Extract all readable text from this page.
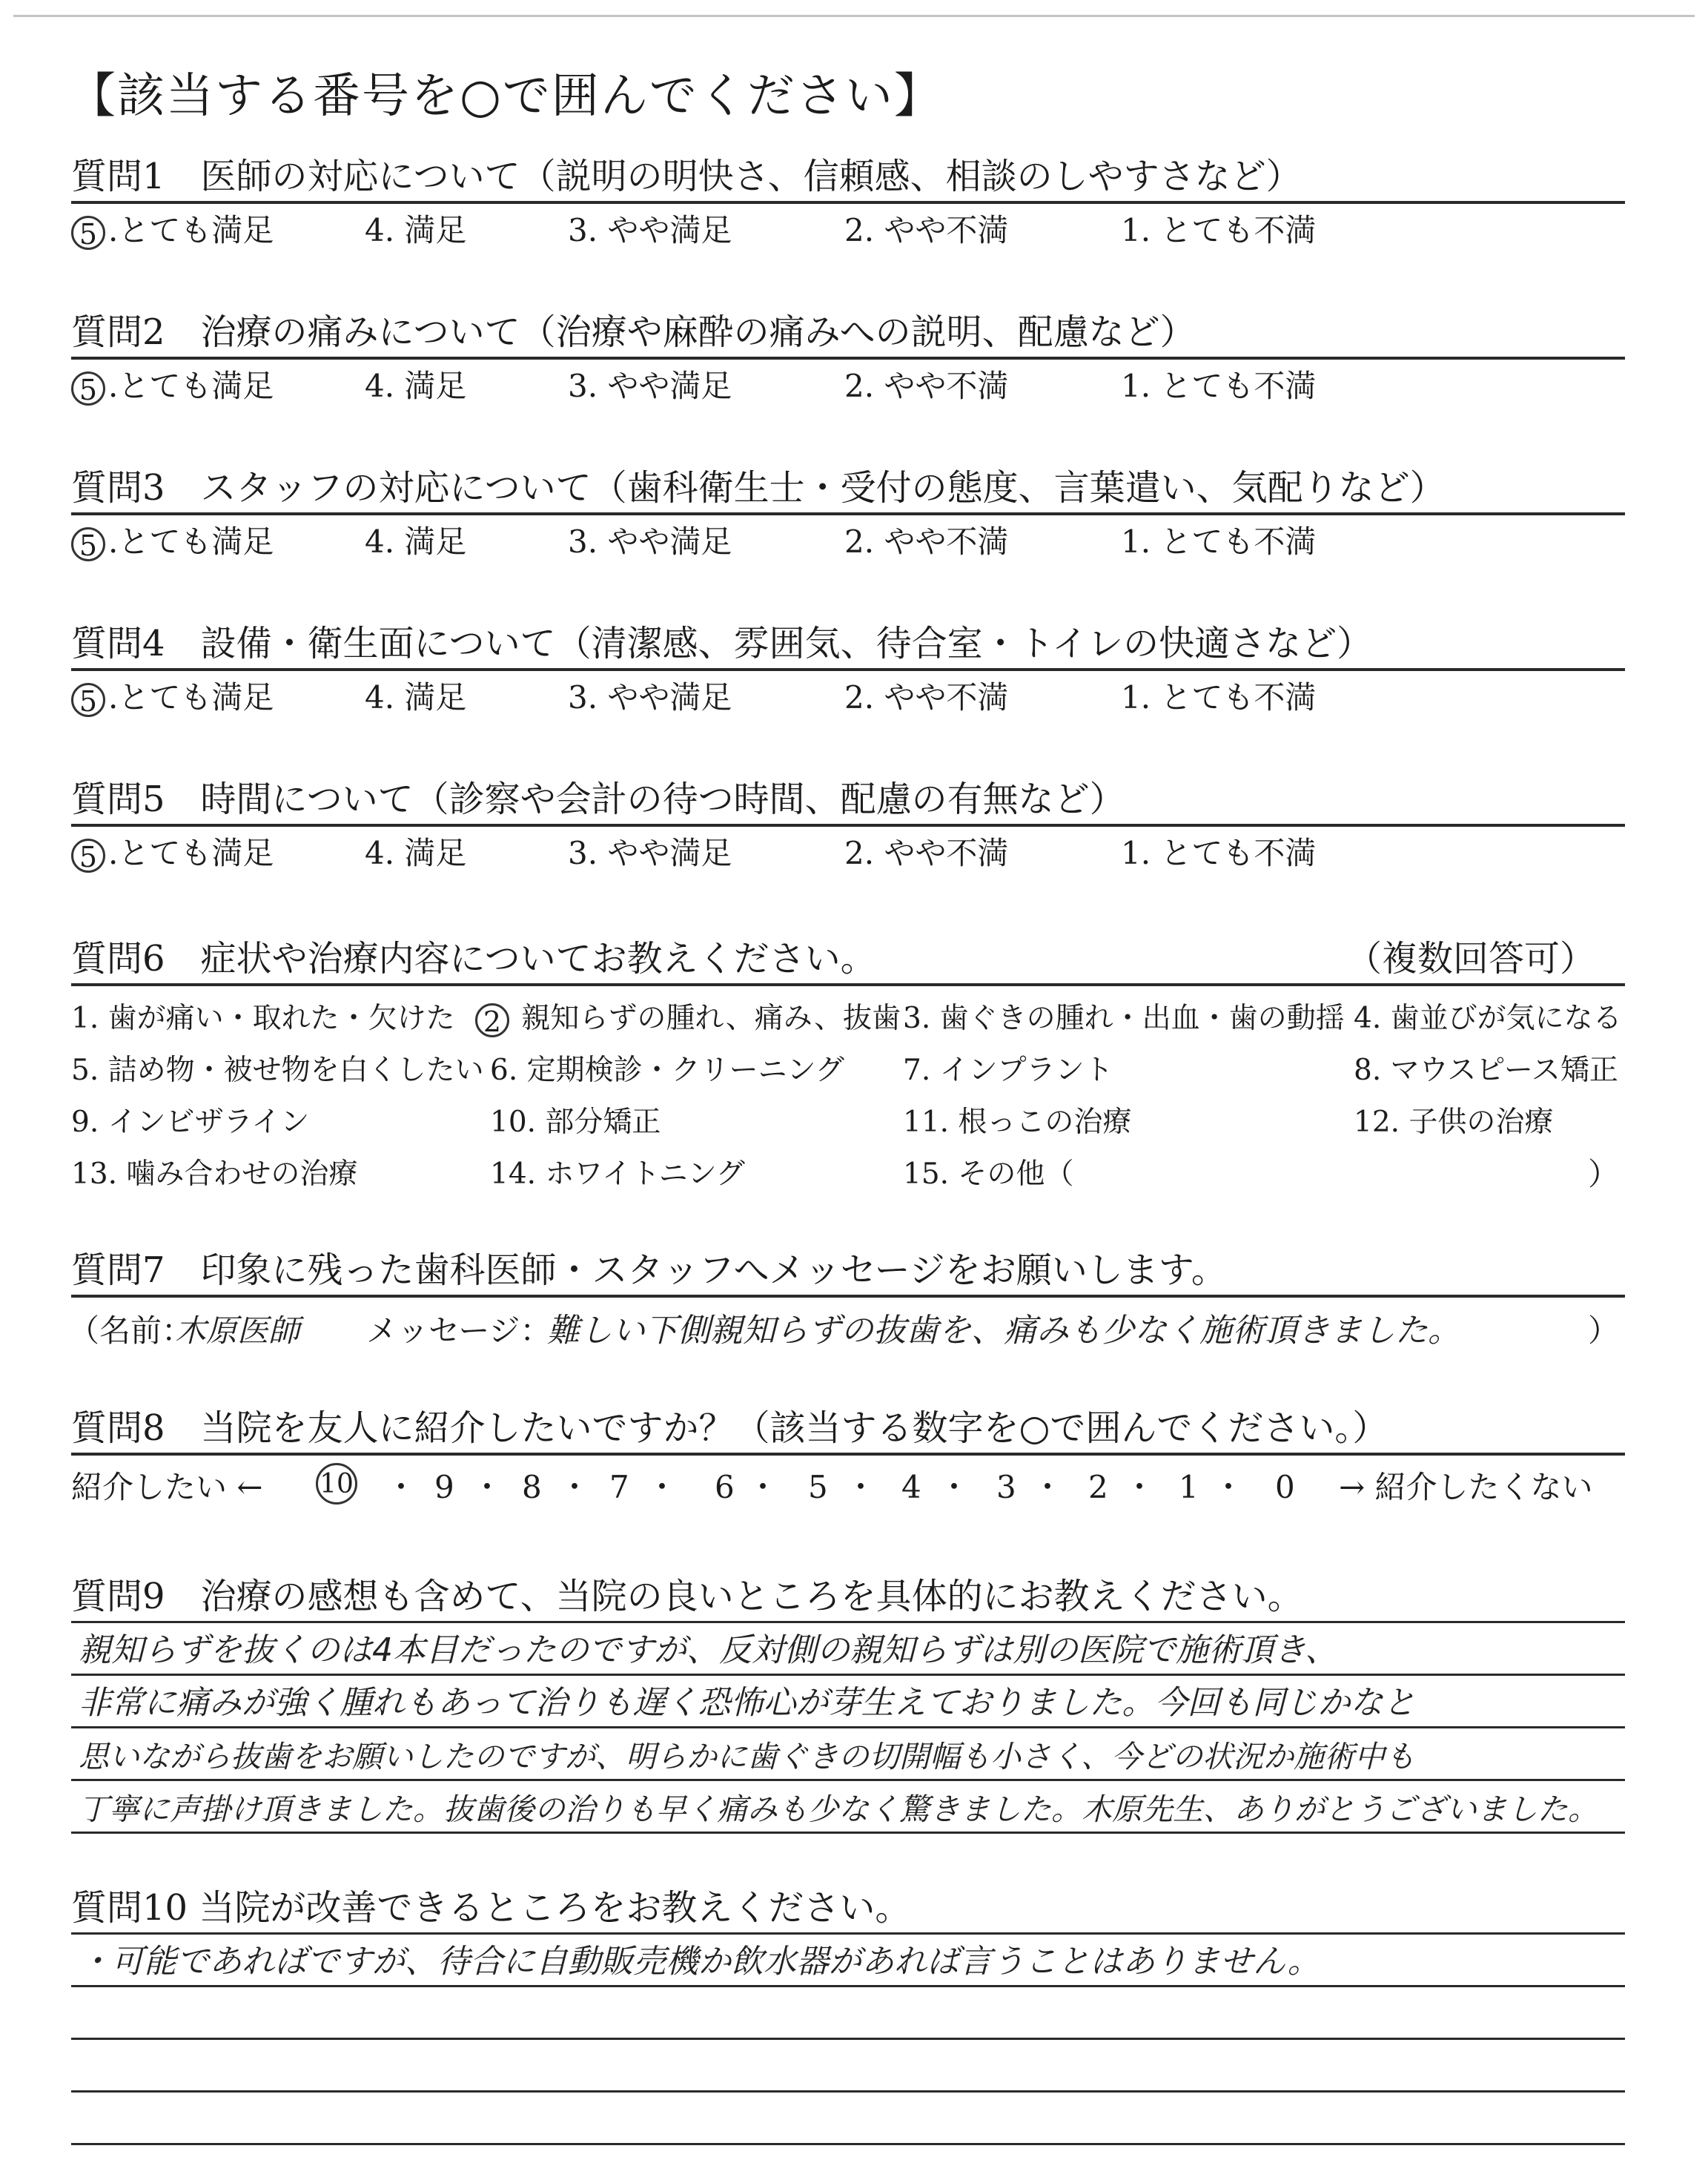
【該当する番号を○で囲んでください】
質問1　医師の対応について（説明の明快さ、信頼感、相談のしやすさなど）
5 .とても満足	4. 満足	3. やや満足	2. やや不満	1. とても不満
質問2　治療の痛みについて（治療や麻酔の痛みへの説明、配慮など）
5 .とても満足	4. 満足	3. やや満足	2. やや不満	1. とても不満
質問3　スタッフの対応について（歯科衛生士・受付の態度、言葉遣い、気配りなど）
5 .とても満足	4. 満足	3. やや満足	2. やや不満	1. とても不満
質問4　設備・衛生面について（清潔感、雰囲気、待合室・トイレの快適さなど）
5 .とても満足	4. 満足	3. やや満足	2. やや不満	1. とても不満
質問5　時間について（診察や会計の待つ時間、配慮の有無など）
5 .とても満足	4. 満足	3. やや満足	2. やや不満	1. とても不満
質問6　症状や治療内容についてお教えください。	（複数回答可）
1. 歯が痛い・取れた・欠けた 2 親知らずの腫れ、痛み、抜歯 3. 歯ぐきの腫れ・出血・歯の動揺 4. 歯並びが気になる
5. 詰め物・被せ物を白くしたい 6. 定期検診・クリーニング 7. インプラント	8. マウスピース矯正
9. インビザライン	10. 部分矯正	11. 根っこの治療	12. 子供の治療
13. 噛み合わせの治療	14. ホワイトニング	15. その他（	）
質問7　印象に残った歯科医師・スタッフへメッセージをお願いします。
（名前：
木原医師 メッセージ：
難しい下側親知らずの抜歯を、痛みも少なく施術頂きました。	）
質問8　当院を友人に紹介したいですか？（該当する数字を○で囲んでください。）
紹介したい ← 10 ・ 9 ・ 8 ・ 7 ・ 6 ・ 5 ・ 4 ・ 3 ・ 2 ・ 1 ・ 0 → 紹介したくない
質問9　治療の感想も含めて、当院の良いところを具体的にお教えください。
親知らずを抜くのは4本目だったのですが、反対側の親知らずは別の医院で施術頂き、
非常に痛みが強く腫れもあって治りも遅く恐怖心が芽生えておりました。今回も同じかなと
思いながら抜歯をお願いしたのですが、明らかに歯ぐきの切開幅も小さく、今どの状況か施術中も
丁寧に声掛け頂きました。抜歯後の治りも早く痛みも少なく驚きました。木原先生、ありがとうございました。
質問10 当院が改善できるところをお教えください。
・可能であればですが、待合に自動販売機か飲水器があれば言うことはありません。
